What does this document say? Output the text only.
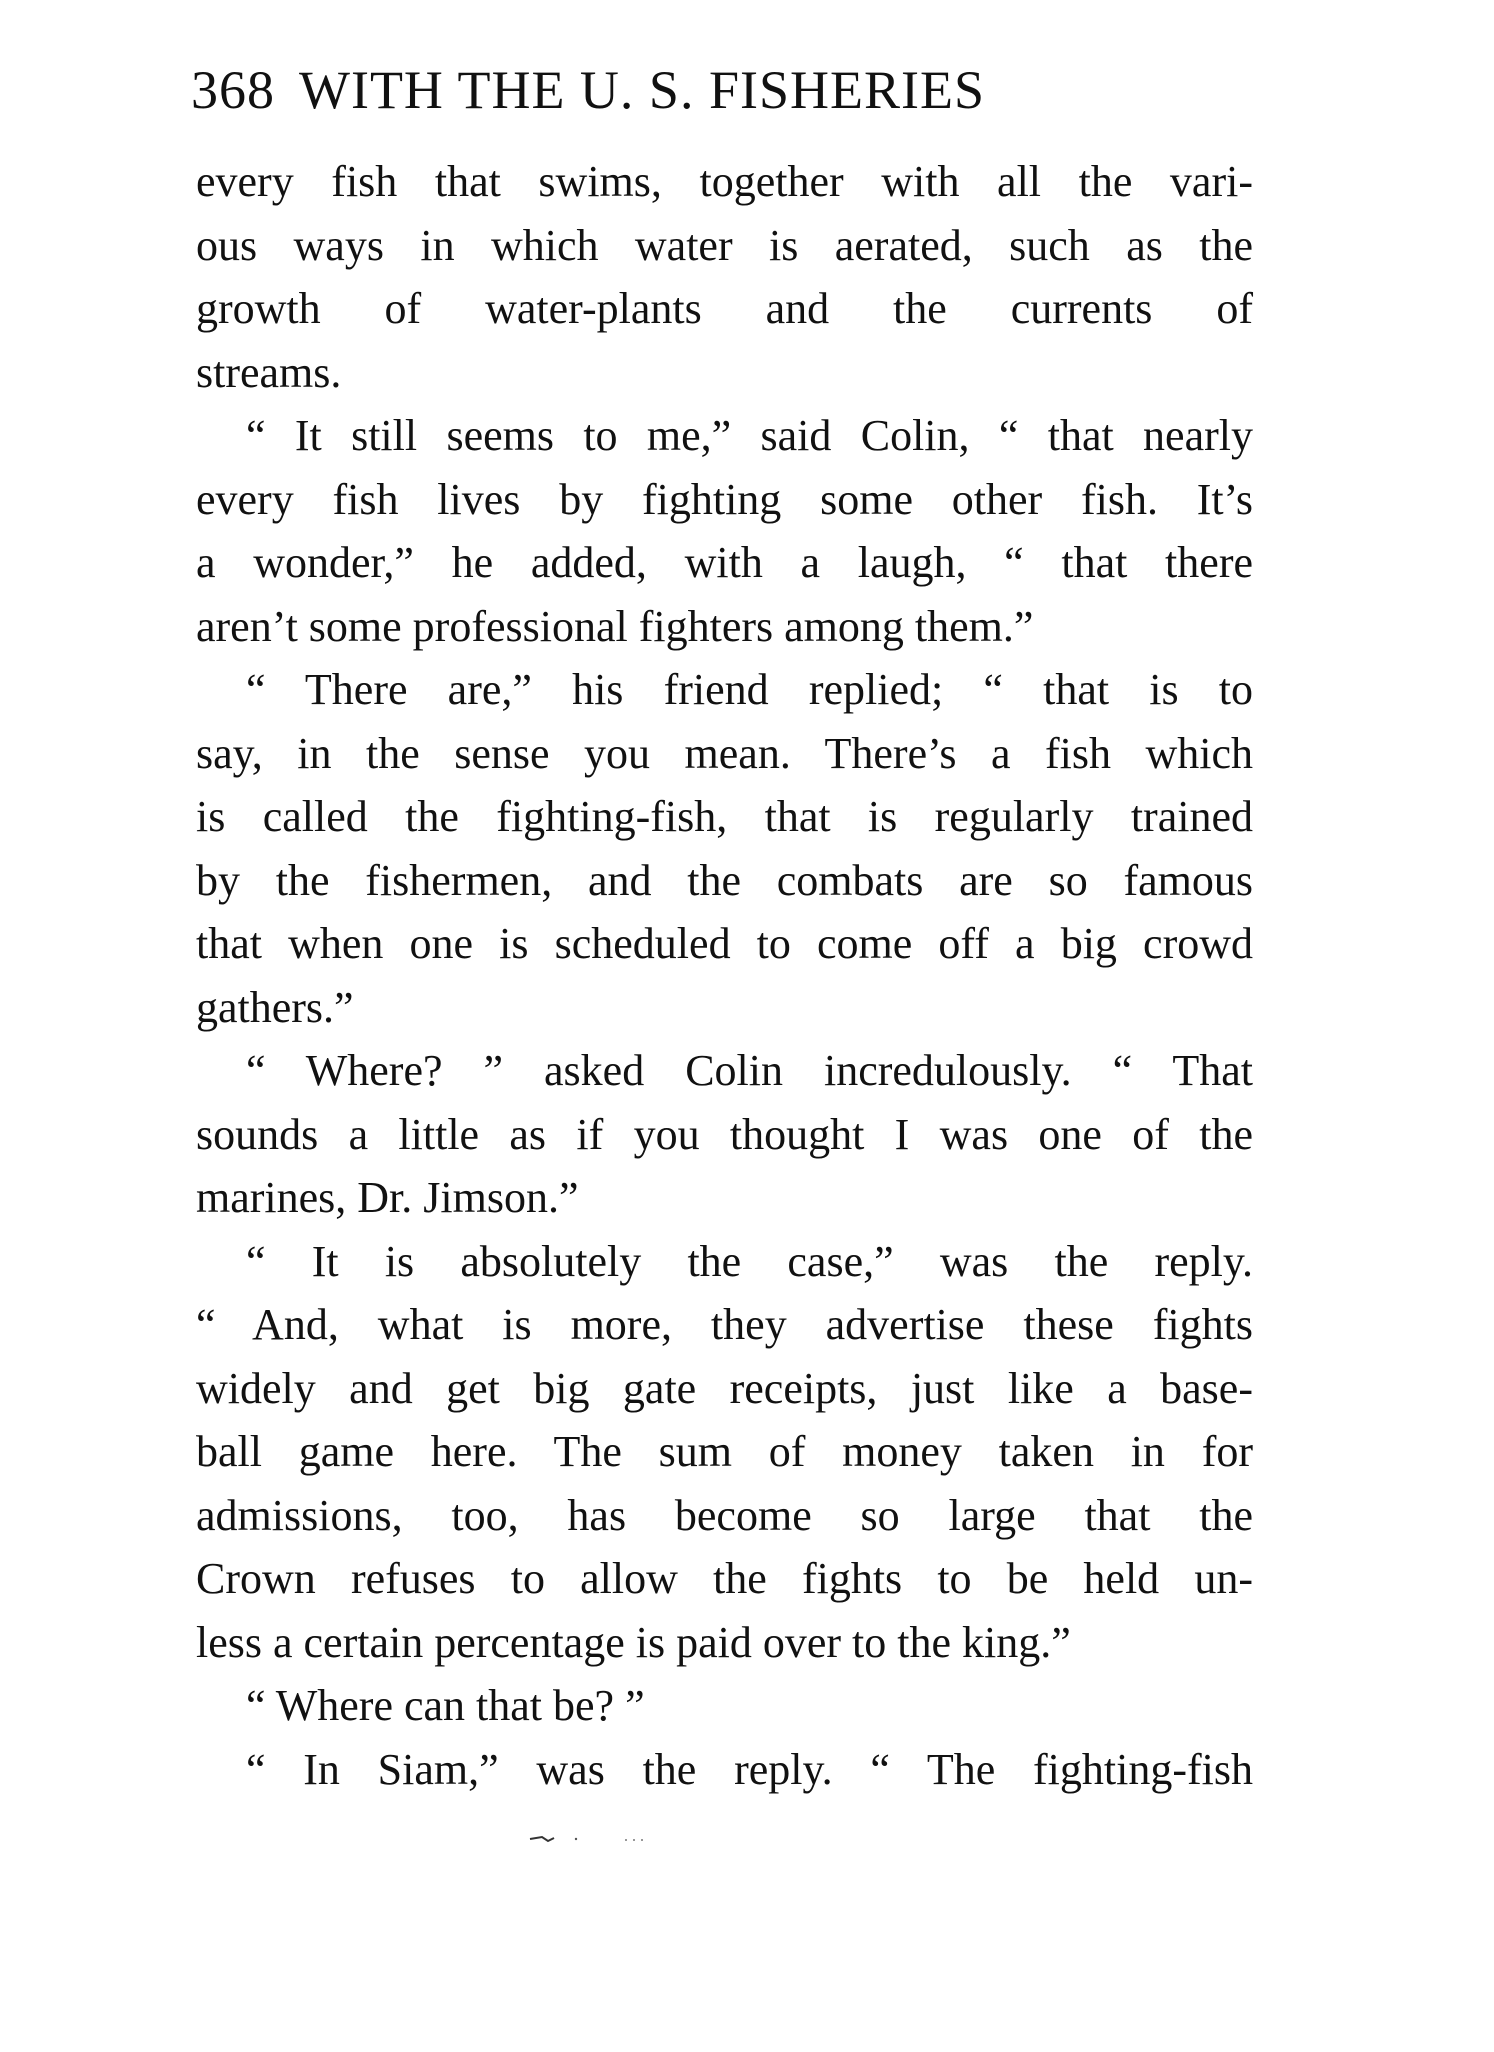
368 WITH THE U. S. FISHERIES
every fish that swims, together with all the vari-
ous ways in which water is aerated, such as the
growth of water-plants and the currents of
streams.
“ It still seems to me,” said Colin, “ that nearly
every fish lives by fighting some other fish. It’s
a wonder,” he added, with a laugh, “ that there
aren’t some professional fighters among them.”
“ There are,” his friend replied; “ that is to
say, in the sense you mean. There’s a fish which
is called the fighting-fish, that is regularly trained
by the fishermen, and the combats are so famous
that when one is scheduled to come off a big crowd
gathers.”
“ Where? ” asked Colin incredulously. “ That
sounds a little as if you thought I was one of the
marines, Dr. Jimson.”
“ It is absolutely the case,” was the reply.
“ And, what is more, they advertise these fights
widely and get big gate receipts, just like a base-
ball game here. The sum of money taken in for
admissions, too, has become so large that the
Crown refuses to allow the fights to be held un-
less a certain percentage is paid over to the king.”
“ Where can that be? ”
“ In Siam,” was the reply. “ The fighting-fish
